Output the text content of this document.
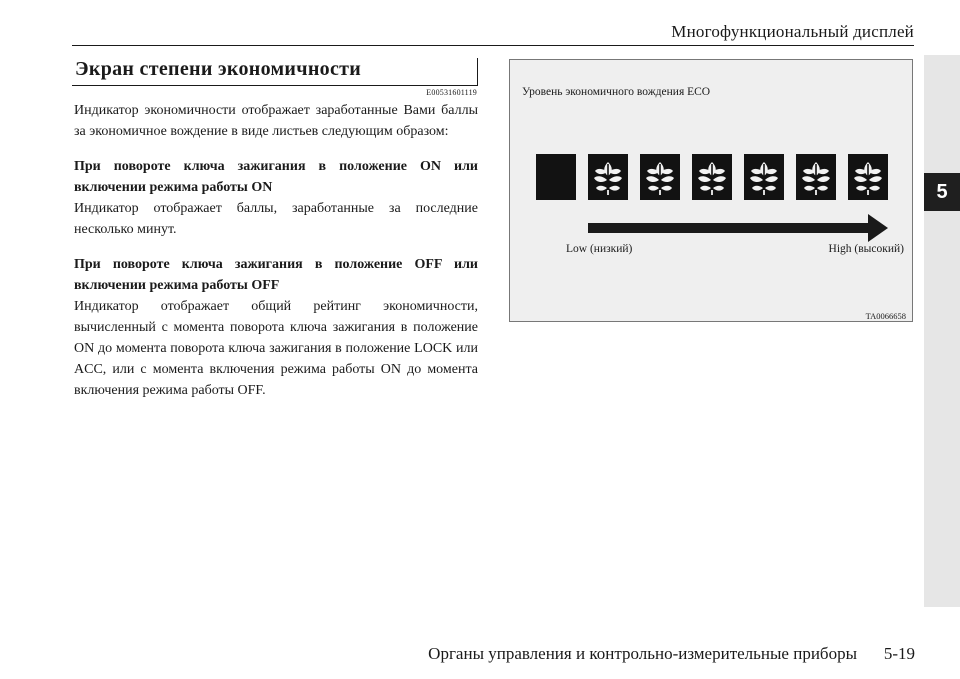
Многофункциональный дисплей
5
Экран степени экономичности
E00531601119

Индикатор экономичности отображает заработанные Вами баллы за экономичное вождение в виде листьев следующим образом:

При повороте ключа зажигания в положение ON или включении режима работы ON

Индикатор отображает баллы, заработанные за последние несколько минут.

При повороте ключа зажигания в положение OFF или включении режима работы OFF

Индикатор отображает общий рейтинг экономичности, вычисленный с момента поворота ключа зажигания в положение ON до момента поворота ключа зажигания в положение LOCK или ACC, или с момента включения режима работы ON до момента включения режима работы OFF.

Уровень экономичного вождения ECO
Low (низкий)	High (высокий)
TA0066658
Органы управления и контрольно-измерительные приборы 5-19
